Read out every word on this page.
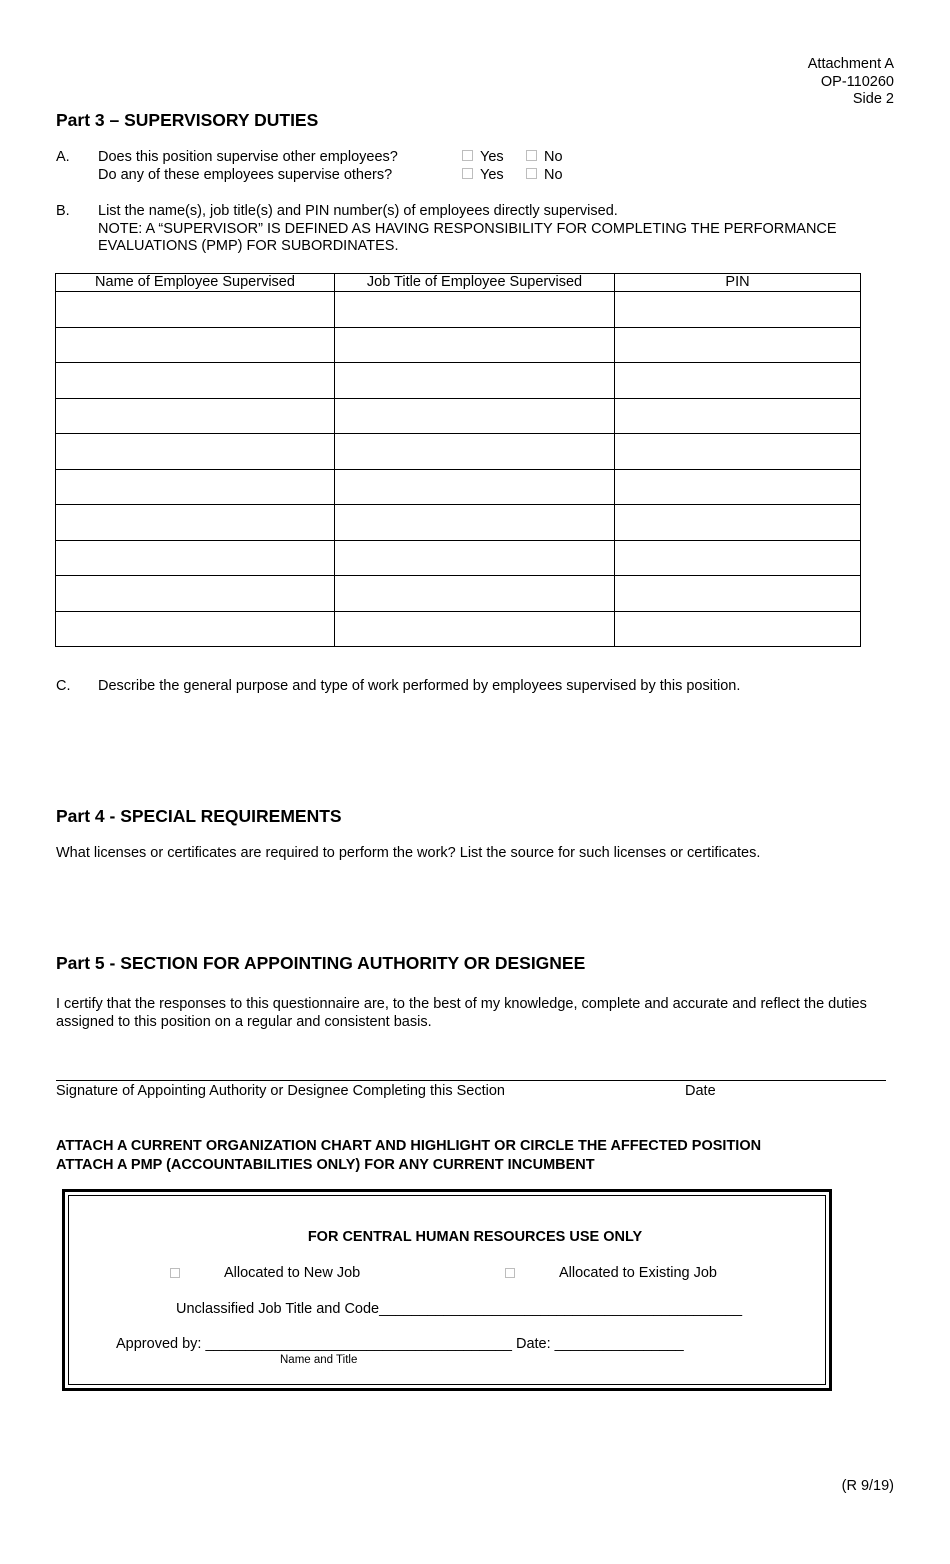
Attachment A
OP-110260
Side 2
Part 3 – SUPERVISORY DUTIES
A. Does this position supervise other employees?
Do any of these employees supervise others?
Yes	No
Yes	No
B. List the name(s), job title(s) and PIN number(s) of employees directly supervised.
NOTE: A “SUPERVISOR” IS DEFINED AS HAVING RESPONSIBILITY FOR COMPLETING THE PERFORMANCE
EVALUATIONS (PMP) FOR SUBORDINATES.
Name of Employee Supervised	Job Title of Employee Supervised	PIN

C. Describe the general purpose and type of work performed by employees supervised by this position.
Part 4 - SPECIAL REQUIREMENTS
What licenses or certificates are required to perform the work? List the source for such licenses or certificates.
Part 5 - SECTION FOR APPOINTING AUTHORITY OR DESIGNEE
I certify that the responses to this questionnaire are, to the best of my knowledge, complete and accurate and reflect the duties
assigned to this position on a regular and consistent basis.
Signature of Appointing Authority or Designee Completing this Section	Date
ATTACH A CURRENT ORGANIZATION CHART AND HIGHLIGHT OR CIRCLE THE AFFECTED POSITION
ATTACH A PMP (ACCOUNTABILITIES ONLY) FOR ANY CURRENT INCUMBENT
FOR CENTRAL HUMAN RESOURCES USE ONLY
Allocated to New Job	Allocated to Existing Job
Unclassified Job Title and Code_____________________________________________
Approved by: ______________________________________ Date: ________________
Name and Title
(R 9/19)
